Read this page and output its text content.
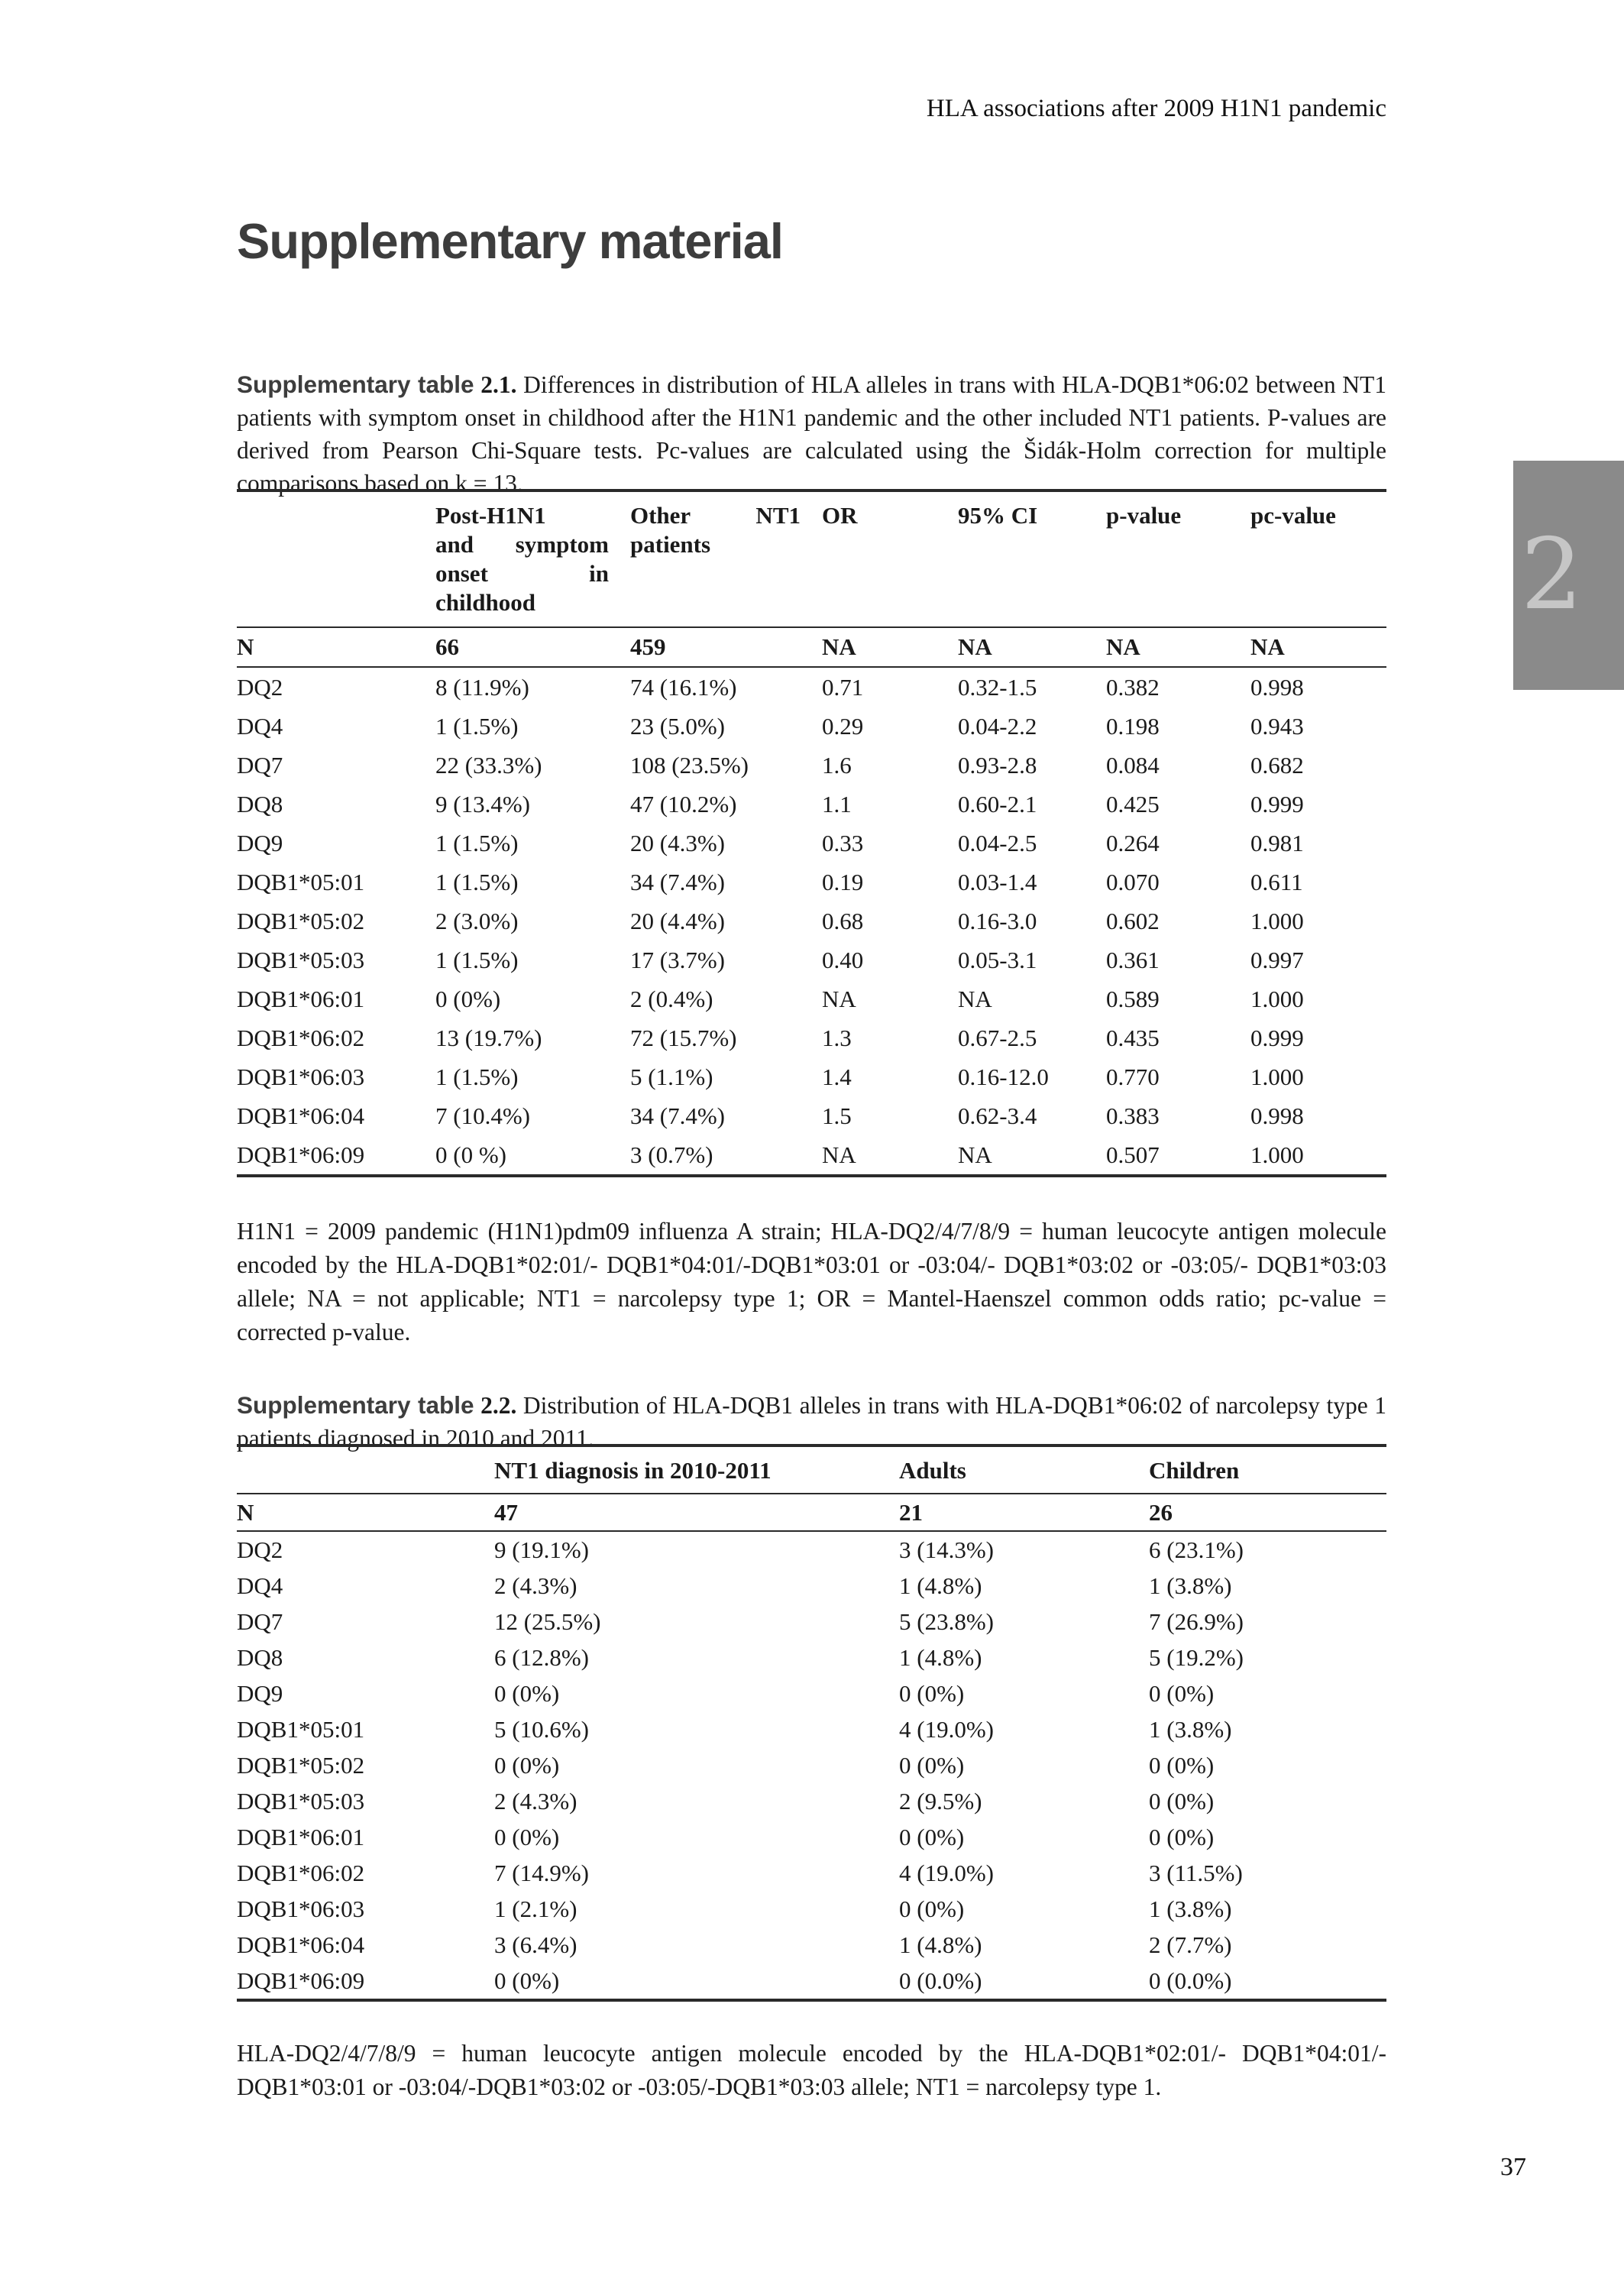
HLA associations after 2009 H1N1 pandemic
Supplementary material

Supplementary table 2.1. Differences in distribution of HLA alleles in trans with HLA-DQB1*06:02 between NT1 patients with symptom onset in childhood after the H1N1 pandemic and the other included NT1 patients. P-values are derived from Pearson Chi-Square tests. Pc-values are calculated using the Šidák-Holm correction for multiple comparisons based on k = 13.

	Post-H1N1
and symptom
onset in
childhood	Other NT1
patients	OR	95% CI	p-value	pc-value
N	66	459	NA	NA	NA	NA
DQ2	8 (11.9%)	74 (16.1%)	0.71	0.32-1.5	0.382	0.998
DQ4	1 (1.5%)	23 (5.0%)	0.29	0.04-2.2	0.198	0.943
DQ7	22 (33.3%)	108 (23.5%)	1.6	0.93-2.8	0.084	0.682
DQ8	9 (13.4%)	47 (10.2%)	1.1	0.60-2.1	0.425	0.999
DQ9	1 (1.5%)	20 (4.3%)	0.33	0.04-2.5	0.264	0.981
DQB1*05:01	1 (1.5%)	34 (7.4%)	0.19	0.03-1.4	0.070	0.611
DQB1*05:02	2 (3.0%)	20 (4.4%)	0.68	0.16-3.0	0.602	1.000
DQB1*05:03	1 (1.5%)	17 (3.7%)	0.40	0.05-3.1	0.361	0.997
DQB1*06:01	0 (0%)	2 (0.4%)	NA	NA	0.589	1.000
DQB1*06:02	13 (19.7%)	72 (15.7%)	1.3	0.67-2.5	0.435	0.999
DQB1*06:03	1 (1.5%)	5 (1.1%)	1.4	0.16-12.0	0.770	1.000
DQB1*06:04	7 (10.4%)	34 (7.4%)	1.5	0.62-3.4	0.383	0.998
DQB1*06:09	0 (0 %)	3 (0.7%)	NA	NA	0.507	1.000

H1N1 = 2009 pandemic (H1N1)pdm09 influenza A strain; HLA-DQ2/4/7/8/9 = human leucocyte antigen molecule encoded by the HLA-DQB1*02:01/- DQB1*04:01/-DQB1*03:01 or -03:04/- DQB1*03:02 or -03:05/- DQB1*03:03 allele; NA = not applicable; NT1 = narcolepsy type 1; OR = Mantel-Haenszel common odds ratio; pc-value = corrected p-value.

Supplementary table 2.2. Distribution of HLA-DQB1 alleles in trans with HLA-DQB1*06:02 of narcolepsy type 1 patients diagnosed in 2010 and 2011.

	NT1 diagnosis in 2010-2011	Adults	Children
N	47	21	26
DQ2	9 (19.1%)	3 (14.3%)	6 (23.1%)
DQ4	2 (4.3%)	1 (4.8%)	1 (3.8%)
DQ7	12 (25.5%)	5 (23.8%)	7 (26.9%)
DQ8	6 (12.8%)	1 (4.8%)	5 (19.2%)
DQ9	0 (0%)	0 (0%)	0 (0%)
DQB1*05:01	5 (10.6%)	4 (19.0%)	1 (3.8%)
DQB1*05:02	0 (0%)	0 (0%)	0 (0%)
DQB1*05:03	2 (4.3%)	2 (9.5%)	0 (0%)
DQB1*06:01	0 (0%)	0 (0%)	0 (0%)
DQB1*06:02	7 (14.9%)	4 (19.0%)	3 (11.5%)
DQB1*06:03	1 (2.1%)	0 (0%)	1 (3.8%)
DQB1*06:04	3 (6.4%)	1 (4.8%)	2 (7.7%)
DQB1*06:09	0 (0%)	0 (0.0%)	0 (0.0%)

HLA-DQ2/4/7/8/9 = human leucocyte antigen molecule encoded by the HLA-DQB1*02:01/- DQB1*04:01/-DQB1*03:01 or -03:04/-DQB1*03:02 or -03:05/-DQB1*03:03 allele; NT1 = narcolepsy type 1.

2
37
